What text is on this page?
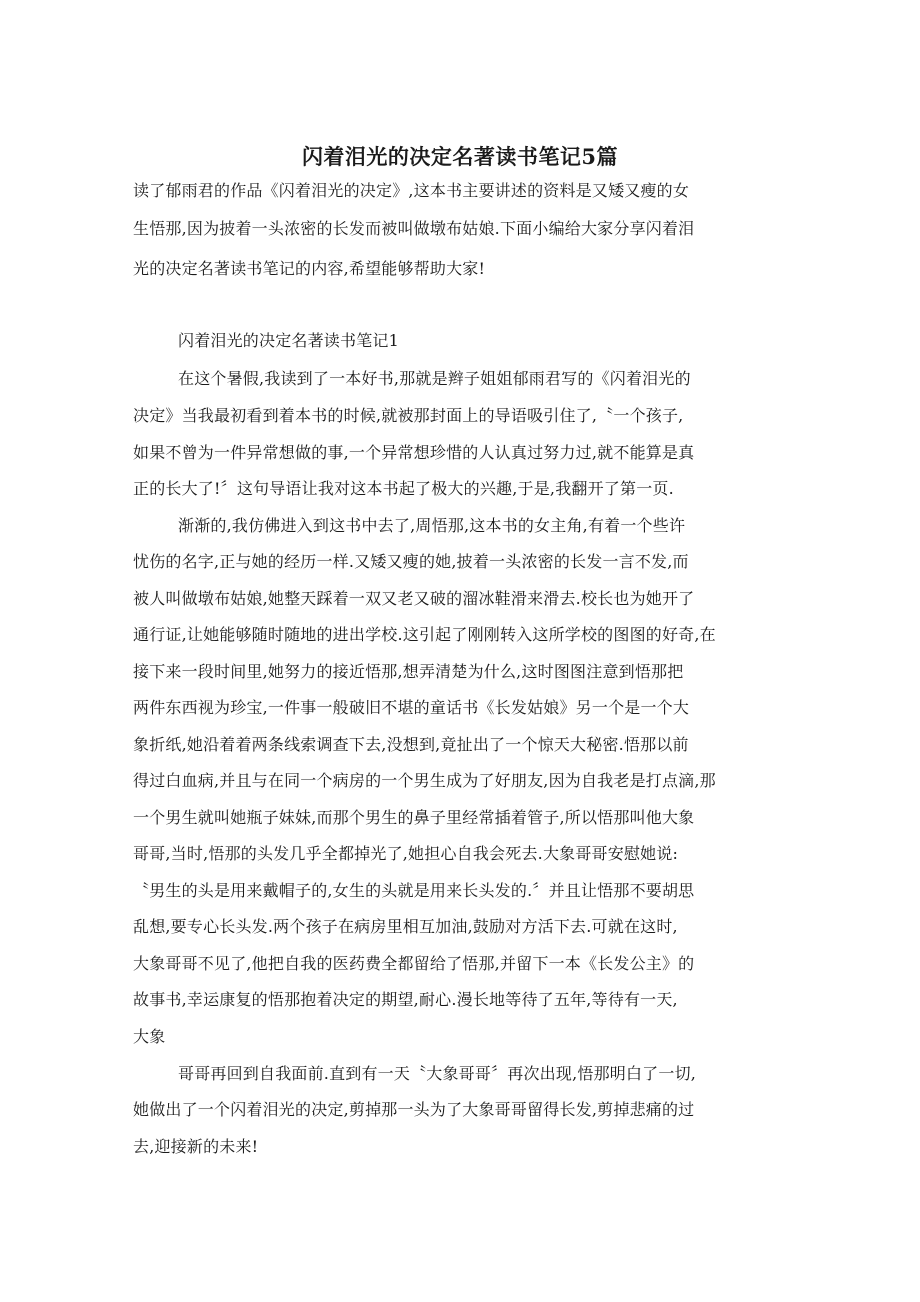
闪着泪光的决定名著读书笔记5篇
读了郁雨君的作品《闪着泪光的决定》,这本书主要讲述的资料是又矮又瘦的女
生悟那,因为披着一头浓密的长发而被叫做墩布姑娘.下面小编给大家分享闪着泪
光的决定名著读书笔记的内容,希望能够帮助大家!
闪着泪光的决定名著读书笔记1
在这个暑假,我读到了一本好书,那就是辫子姐姐郁雨君写的《闪着泪光的
决定》当我最初看到着本书的时候,就被那封面上的导语吸引住了,〝一个孩子,
如果不曾为一件异常想做的事,一个异常想珍惜的人认真过努力过,就不能算是真
正的长大了!〞这句导语让我对这本书起了极大的兴趣,于是,我翻开了第一页.
渐渐的,我仿佛进入到这书中去了,周悟那,这本书的女主角,有着一个些许
忧伤的名字,正与她的经历一样.又矮又瘦的她,披着一头浓密的长发一言不发,而
被人叫做墩布姑娘,她整天踩着一双又老又破的溜冰鞋滑来滑去.校长也为她开了
通行证,让她能够随时随地的进出学校.这引起了刚刚转入这所学校的图图的好奇,在
接下来一段时间里,她努力的接近悟那,想弄清楚为什么,这时图图注意到悟那把
两件东西视为珍宝,一件事一般破旧不堪的童话书《长发姑娘》另一个是一个大
象折纸,她沿着着两条线索调查下去,没想到,竟扯出了一个惊天大秘密.悟那以前
得过白血病,并且与在同一个病房的一个男生成为了好朋友,因为自我老是打点滴,那
一个男生就叫她瓶子妹妹,而那个男生的鼻子里经常插着管子,所以悟那叫他大象
哥哥,当时,悟那的头发几乎全都掉光了,她担心自我会死去.大象哥哥安慰她说:
〝男生的头是用来戴帽子的,女生的头就是用来长头发的.〞并且让悟那不要胡思
乱想,要专心长头发.两个孩子在病房里相互加油,鼓励对方活下去.可就在这时,
大象哥哥不见了,他把自我的医药费全都留给了悟那,并留下一本《长发公主》的
故事书,幸运康复的悟那抱着决定的期望,耐心.漫长地等待了五年,等待有一天,
大象
哥哥再回到自我面前.直到有一天〝大象哥哥〞再次出现,悟那明白了一切,
她做出了一个闪着泪光的决定,剪掉那一头为了大象哥哥留得长发,剪掉悲痛的过
去,迎接新的未来!
